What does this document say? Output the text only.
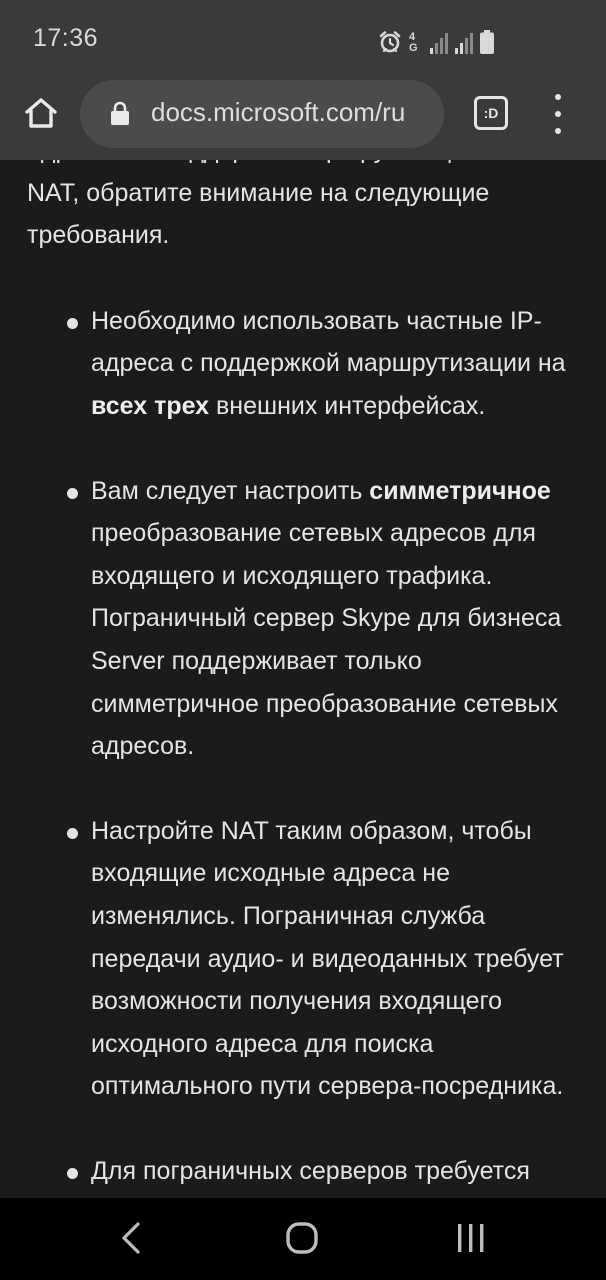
17:36	4G
docs.microsoft.com/ru	:D

NAT, обратите внимание на следующие требования.

Необходимо использовать частные IP-адреса с поддержкой маршрутизации на всех трех внешних интерфейсах.

Вам следует настроить симметричное преобразование сетевых адресов для входящего и исходящего трафика. Пограничный сервер Skype для бизнеса Server поддерживает только симметричное преобразование сетевых адресов.

Настройте NAT таким образом, чтобы входящие исходные адреса не изменялись. Пограничная служба передачи аудио- и видеоданных требует возможности получения входящего исходного адреса для поиска оптимального пути сервера-посредника.

Для пограничных серверов требуется
